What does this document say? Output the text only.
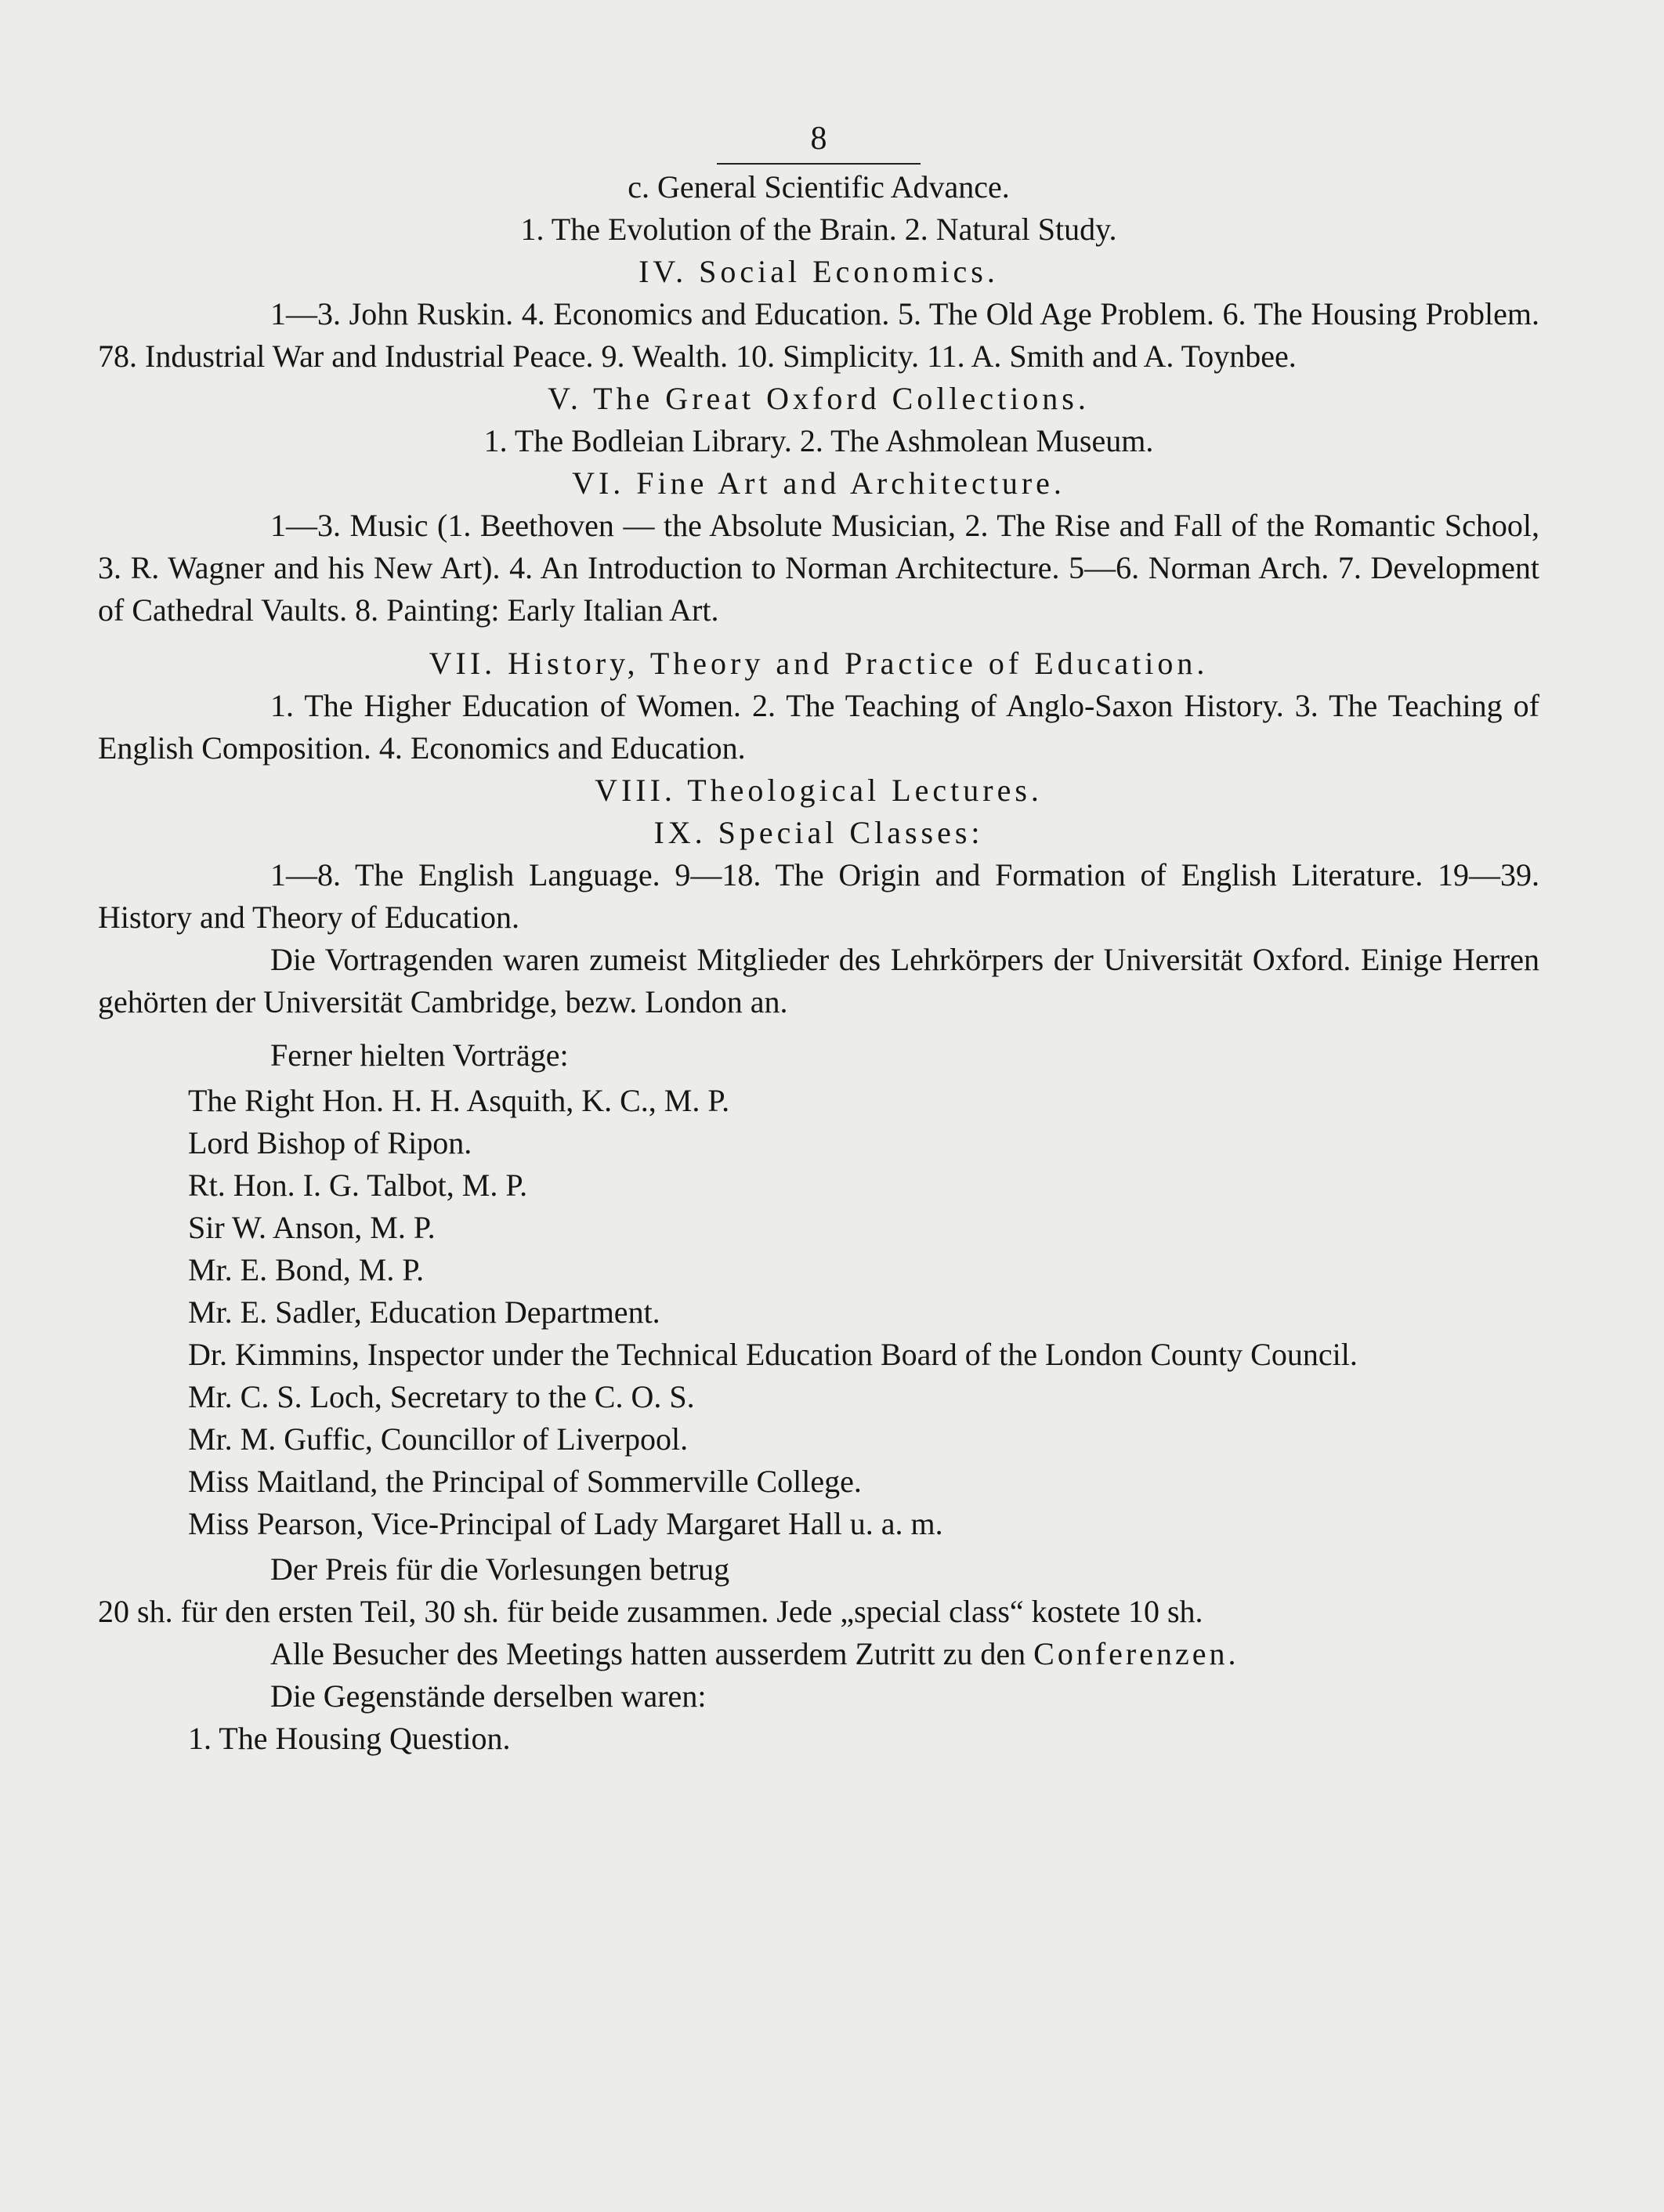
8

c. General Scientific Advance.

1. The Evolution of the Brain. 2. Natural Study.

IV. Social Economics.

1—3. John Ruskin. 4. Economics and Education. 5. The Old Age Problem. 6. The Housing Problem. 78. Industrial War and Industrial Peace. 9. Wealth. 10. Simplicity. 11. A. Smith and A. Toynbee.

V. The Great Oxford Collections.

1. The Bodleian Library. 2. The Ashmolean Museum.

VI. Fine Art and Architecture.

1—3. Music (1. Beethoven — the Absolute Musician, 2. The Rise and Fall of the Romantic School, 3. R. Wagner and his New Art). 4. An Introduction to Norman Architecture. 5—6. Norman Arch. 7. Development of Cathedral Vaults. 8. Painting: Early Italian Art.

VII. History, Theory and Practice of Education.

1. The Higher Education of Women. 2. The Teaching of Anglo-Saxon History. 3. The Teaching of English Composition. 4. Economics and Education.

VIII. Theological Lectures.

IX. Special Classes:

1—8. The English Language. 9—18. The Origin and Formation of English Literature. 19—39. History and Theory of Education.

Die Vortragenden waren zumeist Mitglieder des Lehrkörpers der Universität Oxford. Einige Herren gehörten der Universität Cambridge, bezw. London an.

Ferner hielten Vorträge:

The Right Hon. H. H. Asquith, K. C., M. P.

Lord Bishop of Ripon.

Rt. Hon. I. G. Talbot, M. P.

Sir W. Anson, M. P.

Mr. E. Bond, M. P.

Mr. E. Sadler, Education Department.

Dr. Kimmins, Inspector under the Technical Education Board of the London County Council.

Mr. C. S. Loch, Secretary to the C. O. S.

Mr. M. Guffic, Councillor of Liverpool.

Miss Maitland, the Principal of Sommerville College.

Miss Pearson, Vice-Principal of Lady Margaret Hall u. a. m.

Der Preis für die Vorlesungen betrug

20 sh. für den ersten Teil, 30 sh. für beide zusammen. Jede „special class“ kostete 10 sh.

Alle Besucher des Meetings hatten ausserdem Zutritt zu den Conferenzen.

Die Gegenstände derselben waren:

1. The Housing Question.
